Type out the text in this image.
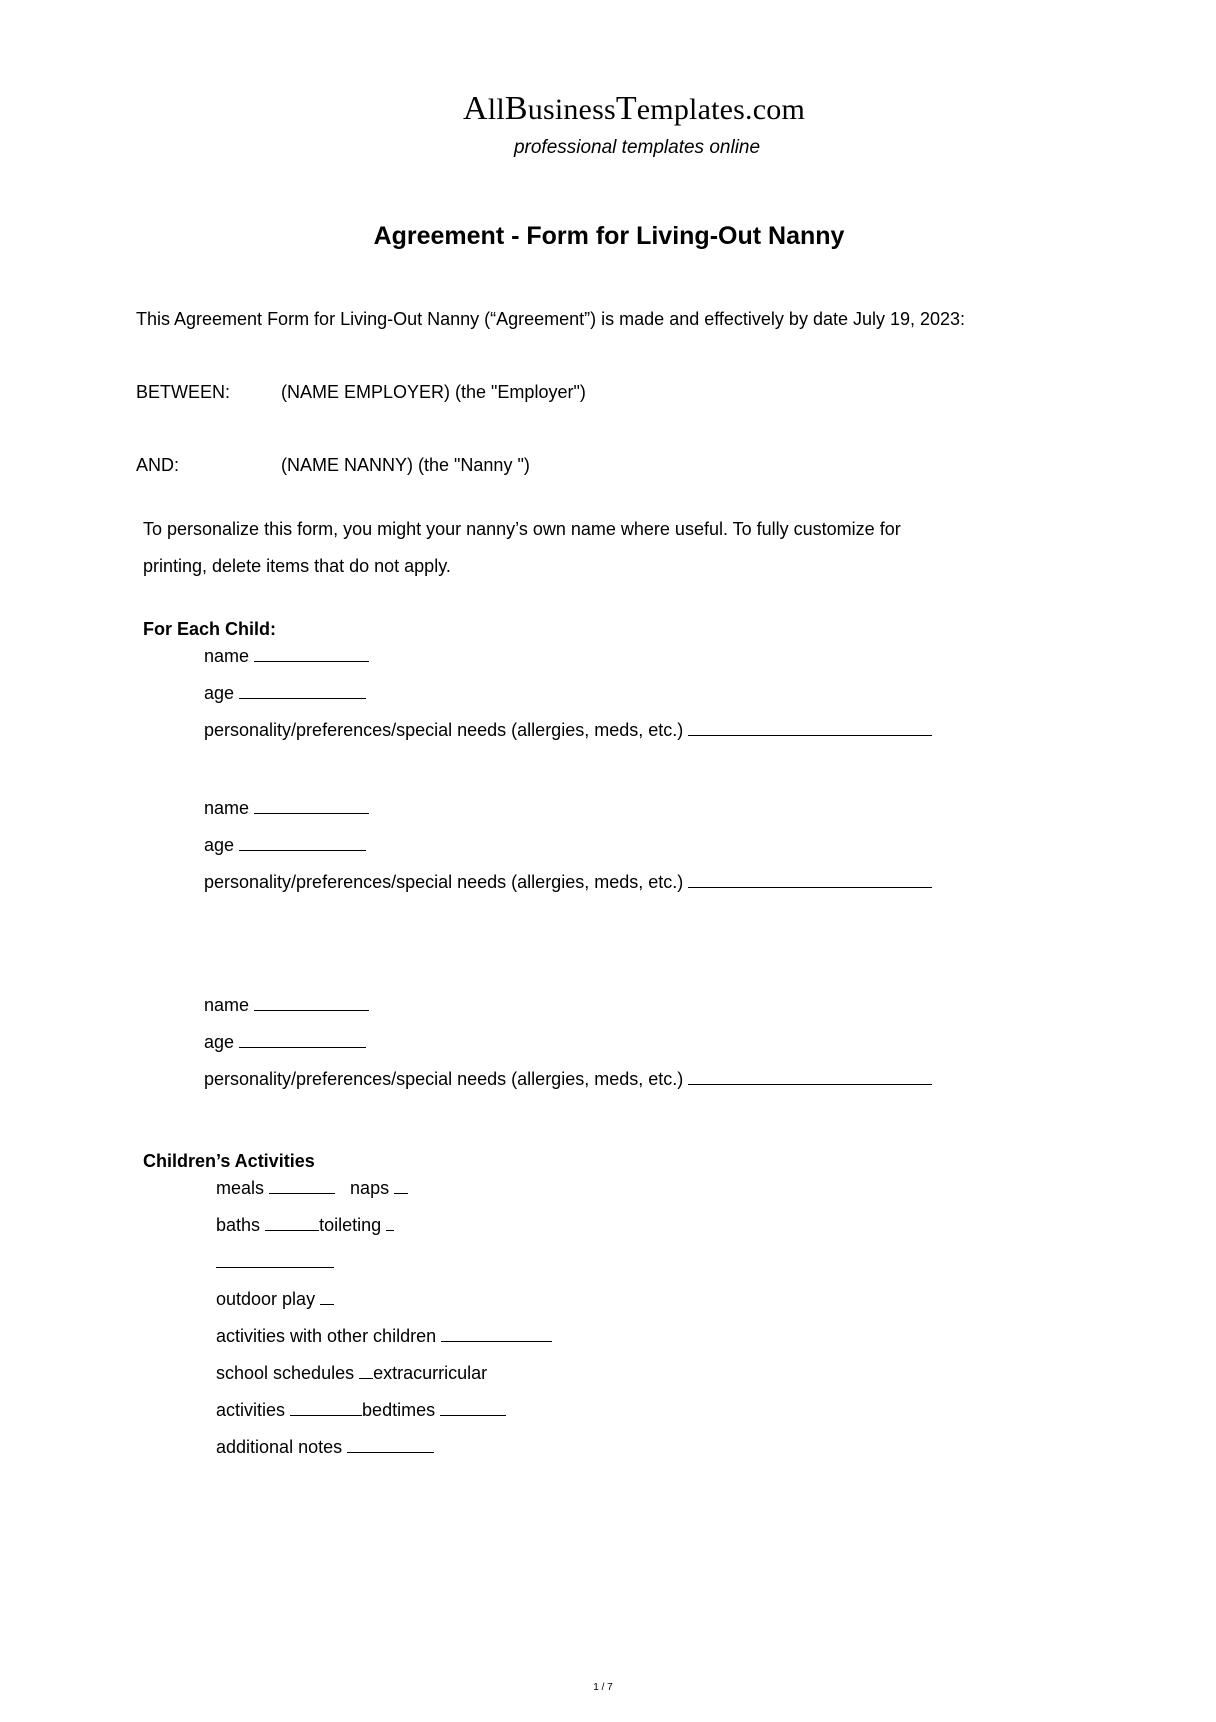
AllBusinessTemplates.com
professional templates online
Agreement - Form for Living-Out Nanny
This Agreement Form for Living-Out Nanny (“Agreement”) is made and effectively by date July 19, 2023:
BETWEEN:	(NAME EMPLOYER) (the "Employer")
AND:	(NAME NANNY) (the "Nanny ")
To personalize this form, you might your nanny’s own name where useful. To fully customize for
printing, delete items that do not apply.
For Each Child:
name
age
personality/preferences/special needs (allergies, meds, etc.)
name
age
personality/preferences/special needs (allergies, meds, etc.)
name
age
personality/preferences/special needs (allergies, meds, etc.)
Children’s Activities
meals	naps
baths	toileting
outdoor play
activities with other children
school schedules extracurricular
activities	bedtimes
additional notes
1 / 7
